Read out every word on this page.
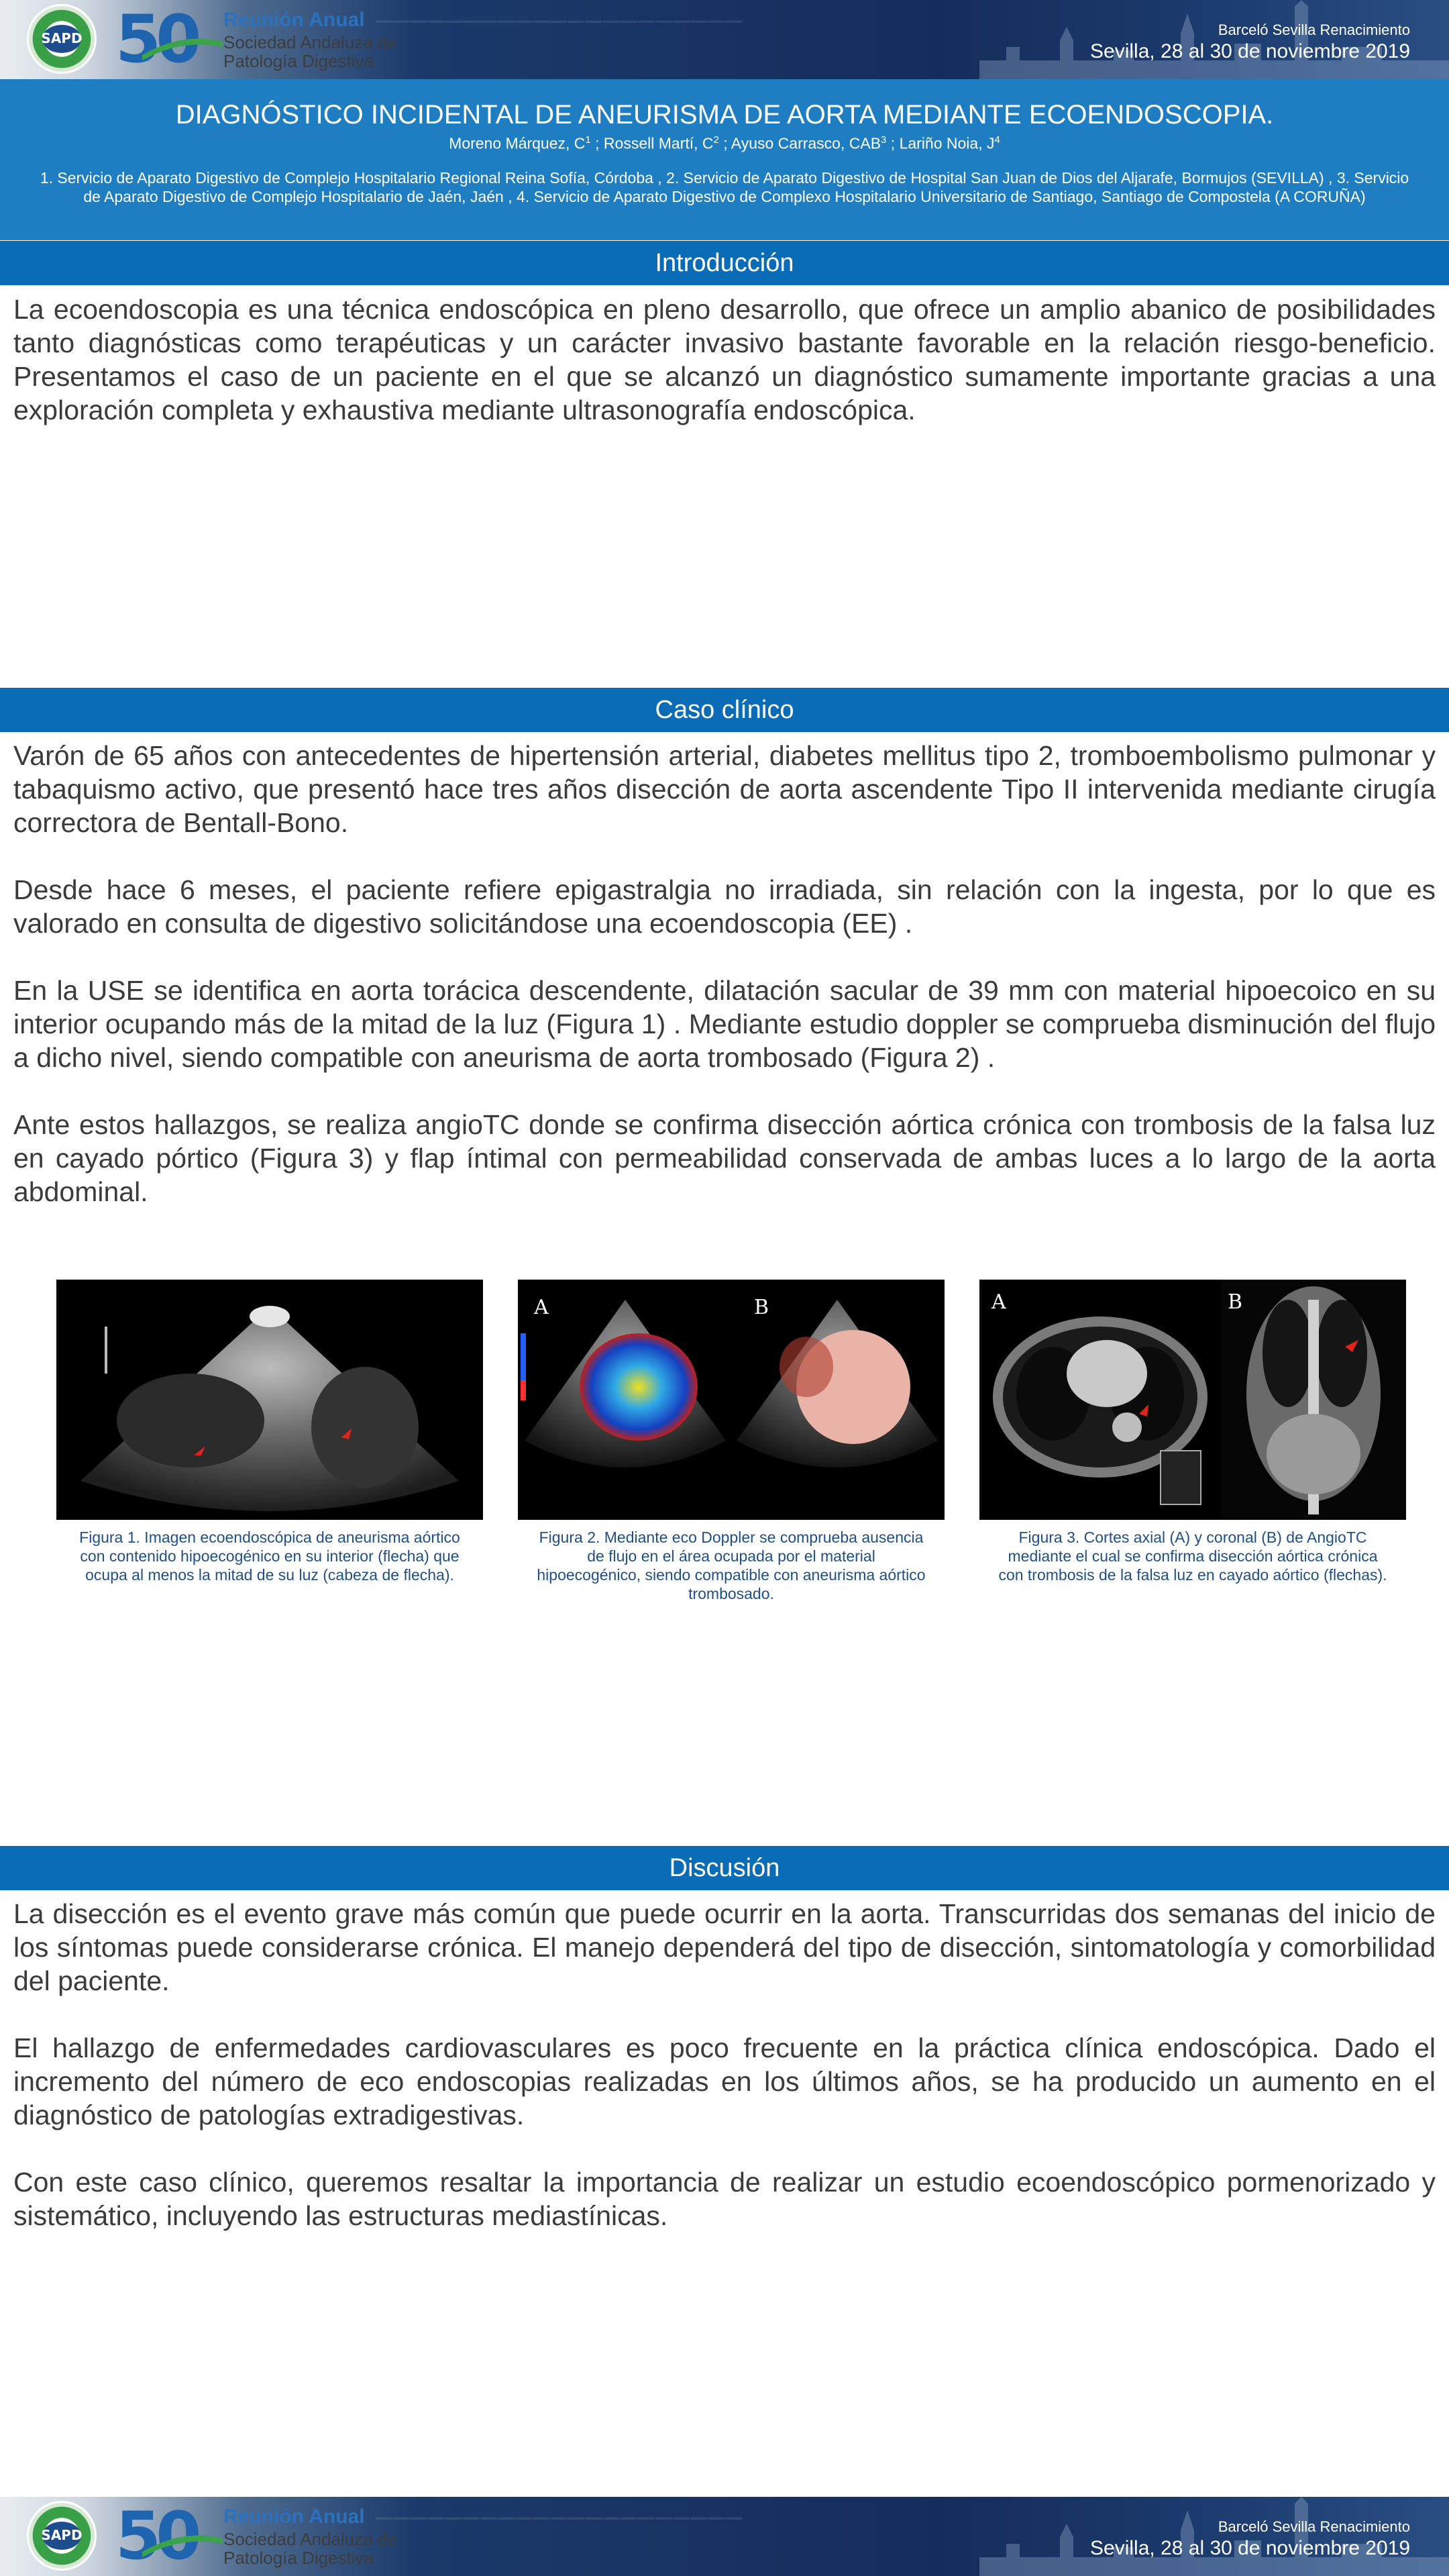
─────────────────────
SAPD 50 Reunión Anual
Sociedad Andaluza de
Patología Digestiva
Barceló Sevilla Renacimiento
Sevilla, 28 al 30 de noviembre 2019
DIAGNÓSTICO INCIDENTAL DE ANEURISMA DE AORTA MEDIANTE ECOENDOSCOPIA.
Moreno Márquez, $C^1$ ; Rossell Martí, $C^2$ ; Ayuso Carrasco, CAB$^3$ ; Lariño Noia, $J^4$
1. Servicio de Aparato Digestivo de Complejo Hospitalario Regional Reina Sofía, Córdoba , 2. Servicio de Aparato Digestivo de Hospital San Juan de Dios del Aljarafe, Bormujos (SEVILLA) , 3. Servicio de Aparato Digestivo de Complejo Hospitalario de Jaén, Jaén , 4. Servicio de Aparato Digestivo de Complexo Hospitalario Universitario de Santiago, Santiago de Compostela (A CORUÑA)
Introducción

La ecoendoscopia es una técnica endoscópica en pleno desarrollo, que ofrece un amplio abanico de posibilidades tanto diagnósticas como terapéuticas y un carácter invasivo bastante favorable en la relación riesgo-beneficio. Presentamos el caso de un paciente en el que se alcanzó un diagnóstico sumamente importante gracias a una exploración completa y exhaustiva mediante ultrasonografía endoscópica.

Caso clínico

Varón de 65 años con antecedentes de hipertensión arterial, diabetes mellitus tipo 2, tromboembolismo pulmonar y tabaquismo activo, que presentó hace tres años disección de aorta ascendente Tipo II intervenida mediante cirugía correctora de Bentall-Bono.

Desde hace 6 meses, el paciente refiere epigastralgia no irradiada, sin relación con la ingesta, por lo que es valorado en consulta de digestivo solicitándose una ecoendoscopia (EE) .

En la USE se identifica en aorta torácica descendente, dilatación sacular de 39 mm con material hipoecoico en su interior ocupando más de la mitad de la luz (Figura 1) . Mediante estudio doppler se comprueba disminución del flujo a dicho nivel, siendo compatible con aneurisma de aorta trombosado (Figura 2) .

Ante estos hallazgos, se realiza angioTC donde se confirma disección aórtica crónica con trombosis de la falsa luz en cayado pórtico (Figura 3) y flap íntimal con permeabilidad conservada de ambas luces a lo largo de la aorta abdominal.

Figura 1. Imagen ecoendoscópica de aneurisma aórtico con contenido hipoecogénico en su interior (flecha) que ocupa al menos la mitad de su luz (cabeza de flecha).
A	B
Figura 2. Mediante eco Doppler se comprueba ausencia de flujo en el área ocupada por el material hipoecogénico, siendo compatible con aneurisma aórtico trombosado.
A	B
Figura 3. Cortes axial (A) y coronal (B) de AngioTC mediante el cual se confirma disección aórtica crónica con trombosis de la falsa luz en cayado aórtico (flechas).
Discusión

La disección es el evento grave más común que puede ocurrir en la aorta. Transcurridas dos semanas del inicio de los síntomas puede considerarse crónica. El manejo dependerá del tipo de disección, sintomatología y comorbilidad del paciente.

El hallazgo de enfermedades cardiovasculares es poco frecuente en la práctica clínica endoscópica. Dado el incremento del número de eco endoscopias realizadas en los últimos años, se ha producido un aumento en el diagnóstico de patologías extradigestivas.

Con este caso clínico, queremos resaltar la importancia de realizar un estudio ecoendoscópico pormenorizado y sistemático, incluyendo las estructuras mediastínicas.

─────────────────────
SAPD 50 Reunión Anual
Sociedad Andaluza de
Patología Digestiva
Barceló Sevilla Renacimiento
Sevilla, 28 al 30 de noviembre 2019
